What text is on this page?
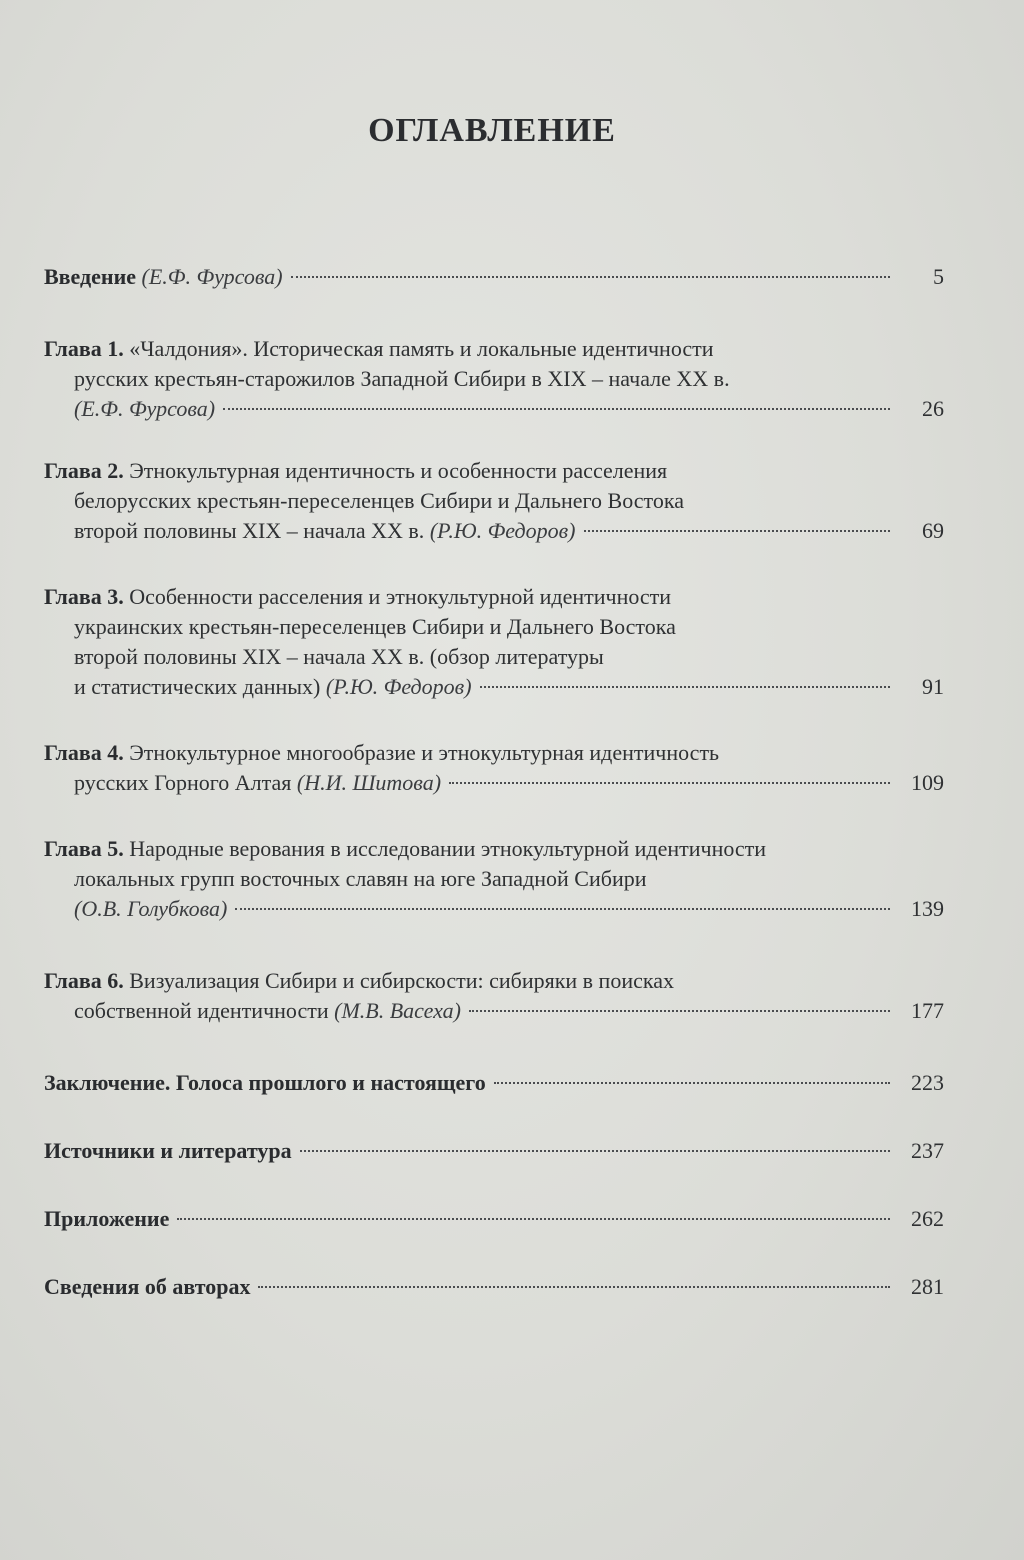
ОГЛАВЛЕНИЕ
Введение
(Е.Ф. Фурсова)	5
Глава 1.
«Чалдония». Историческая память и локальные идентичности
русских крестьян-старожилов Западной Сибири в XIX – начале XX в.
(Е.Ф. Фурсова)	26
Глава 2.
Этнокультурная идентичность и особенности расселения
белорусских крестьян-переселенцев Сибири и Дальнего Востока
второй половины XIX – начала XX в.
(Р.Ю. Федоров)	69
Глава 3.
Особенности расселения и этнокультурной идентичности
украинских крестьян-переселенцев Сибири и Дальнего Востока
второй половины XIX – начала XX в. (обзор литературы
и статистических данных)
(Р.Ю. Федоров)	91
Глава 4.
Этнокультурное многообразие и этнокультурная идентичность
русских Горного Алтая
(Н.И. Шитова)	109
Глава 5.
Народные верования в исследовании этнокультурной идентичности
локальных групп восточных славян на юге Западной Сибири
(О.В. Голубкова)	139
Глава 6.
Визуализация Сибири и сибирскости: сибиряки в поисках
собственной идентичности
(М.В. Васеха)	177
Заключение. Голоса прошлого и настоящего	223
Источники и литература	237
Приложение	262
Сведения об авторах	281
